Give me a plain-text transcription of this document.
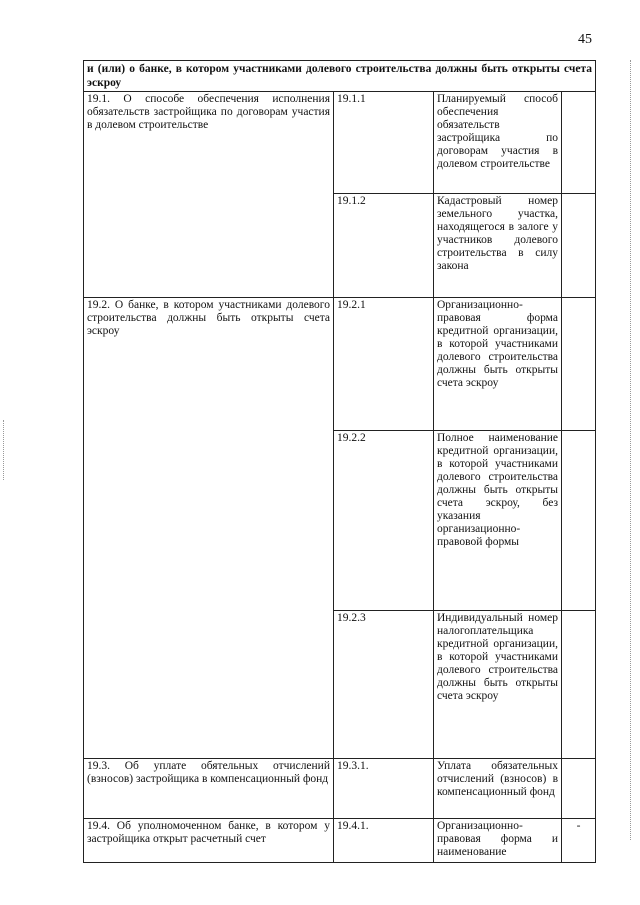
45
и (или) о банке, в котором участниками долевого строительства должны быть открыты счета эскроу			
19.1. О способе обеспечения исполнения обязательств застройщика по договорам участия в долевом строительстве	19.1.1	Планируемый способ обеспечения обязательств застройщика по договорам участия в долевом строительстве	
	19.1.2	Кадастровый номер земельного участка, находящегося в залоге у участников долевого строительства в силу закона	
19.2. О банке, в котором участниками долевого строительства должны быть открыты счета эскроу	19.2.1	Организационно-правовая форма кредитной организации, в которой участниками долевого строительства должны быть открыты счета эскроу	
	19.2.2	Полное наименование кредитной организации, в которой участниками долевого строительства должны быть открыты счета эскроу, без указания организационно-правовой формы	
	19.2.3	Индивидуальный номер налогоплательщика кредитной организации, в которой участниками долевого строительства должны быть открыты счета эскроу	
19.3. Об уплате обятельных отчислений (взносов) застройщика в компенсационный фонд	19.3.1.	Уплата обязательных отчислений (взносов) в компенсационный фонд	
19.4. Об уполномоченном банке, в котором у застройщика открыт расчетный счет	19.4.1.	Организационно-правовая форма и наименование	-
